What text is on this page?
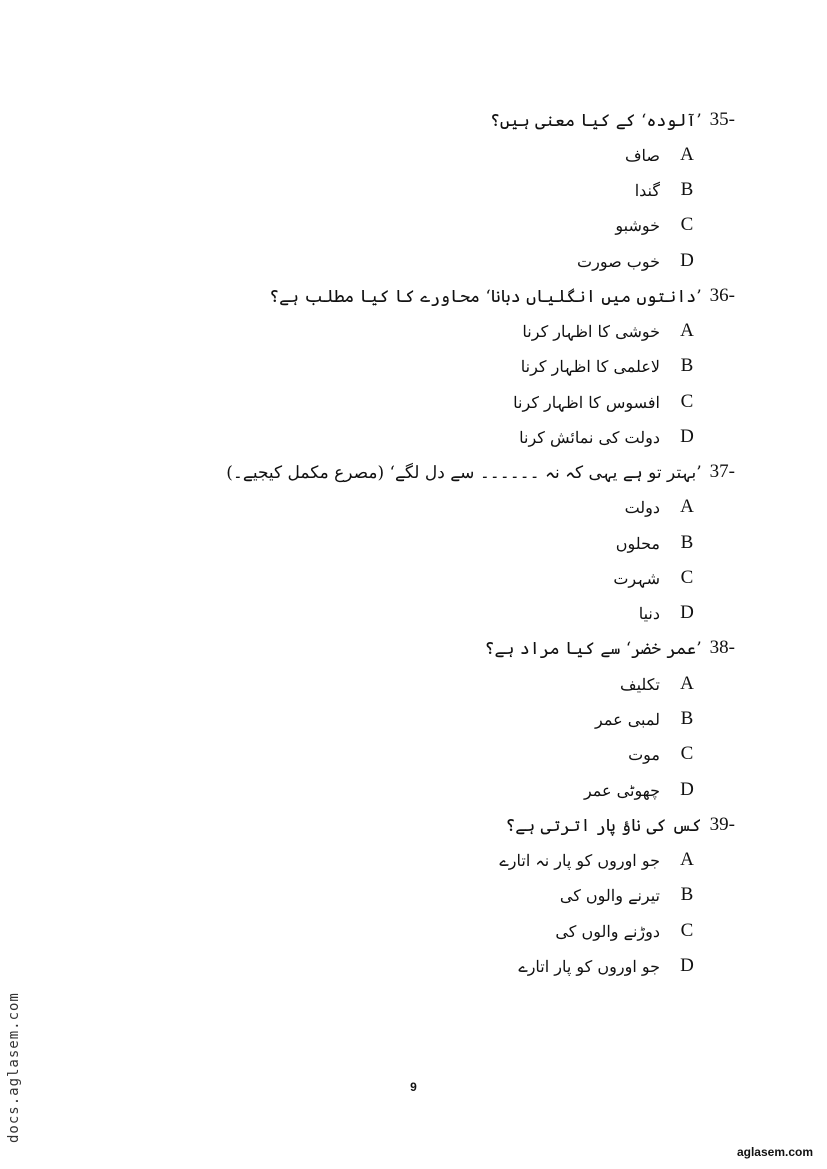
’آلودہ‘ کے کیا معنی ہیں؟ 35-
صاف A
گندا B
خوشبو C
خوب صورت D
’دانتوں میں انگلیاں دبانا‘ محاورے کا کیا مطلب ہے؟ 36-
خوشی کا اظہار کرنا A
لاعلمی کا اظہار کرنا B
افسوس کا اظہار کرنا C
دولت کی نمائش کرنا D
’بہتر تو ہے یہی کہ نہ ۔۔۔۔۔۔ سے دل لگے‘ (مصرع مکمل کیجیے۔) 37-
دولت A
محلوں B
شہرت C
دنیا D
’عمر خضر‘ سے کیا مراد ہے؟ 38-
تکلیف A
لمبی عمر B
موت C
چھوٹی عمر D
کس کی ناؤ پار اترتی ہے؟ 39-
جو اوروں کو پار نہ اتارے A
تیرنے والوں کی B
دوڑنے والوں کی C
جو اوروں کو پار اتارے D
9
docs.aglasem.com
aglasem.com
